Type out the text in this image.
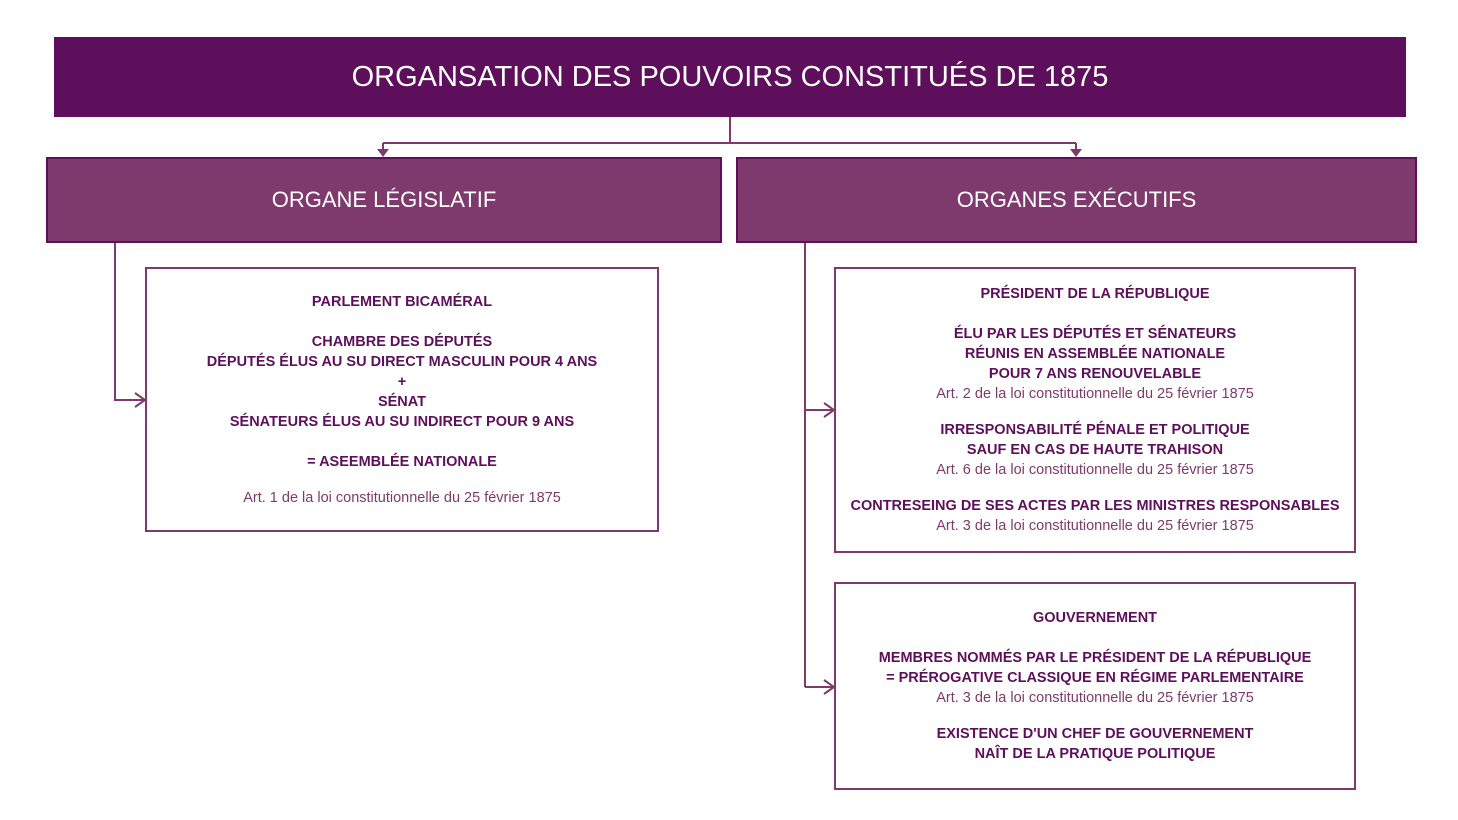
ORGANSATION DES POUVOIRS CONSTITUÉS DE 1875
ORGANE LÉGISLATIF	ORGANES EXÉCUTIFS
PARLEMENT BICAMÉRAL
CHAMBRE DES DÉPUTÉS
DÉPUTÉS ÉLUS AU SU DIRECT MASCULIN POUR 4 ANS
+
SÉNAT
SÉNATEURS ÉLUS AU SU INDIRECT POUR 9 ANS
= ASEEMBLÉE NATIONALE
Art. 1 de la loi constitutionnelle du 25 février 1875
PRÉSIDENT DE LA RÉPUBLIQUE
ÉLU PAR LES DÉPUTÉS ET SÉNATEURS
RÉUNIS EN ASSEMBLÉE NATIONALE
POUR 7 ANS RENOUVELABLE
Art. 2 de la loi constitutionnelle du 25 février 1875
IRRESPONSABILITÉ PÉNALE ET POLITIQUE
SAUF EN CAS DE HAUTE TRAHISON
Art. 6 de la loi constitutionnelle du 25 février 1875
CONTRESEING DE SES ACTES PAR LES MINISTRES RESPONSABLES
Art. 3 de la loi constitutionnelle du 25 février 1875
GOUVERNEMENT
MEMBRES NOMMÉS PAR LE PRÉSIDENT DE LA RÉPUBLIQUE
= PRÉROGATIVE CLASSIQUE EN RÉGIME PARLEMENTAIRE
Art. 3 de la loi constitutionnelle du 25 février 1875
EXISTENCE D'UN CHEF DE GOUVERNEMENT
NAÎT DE LA PRATIQUE POLITIQUE
